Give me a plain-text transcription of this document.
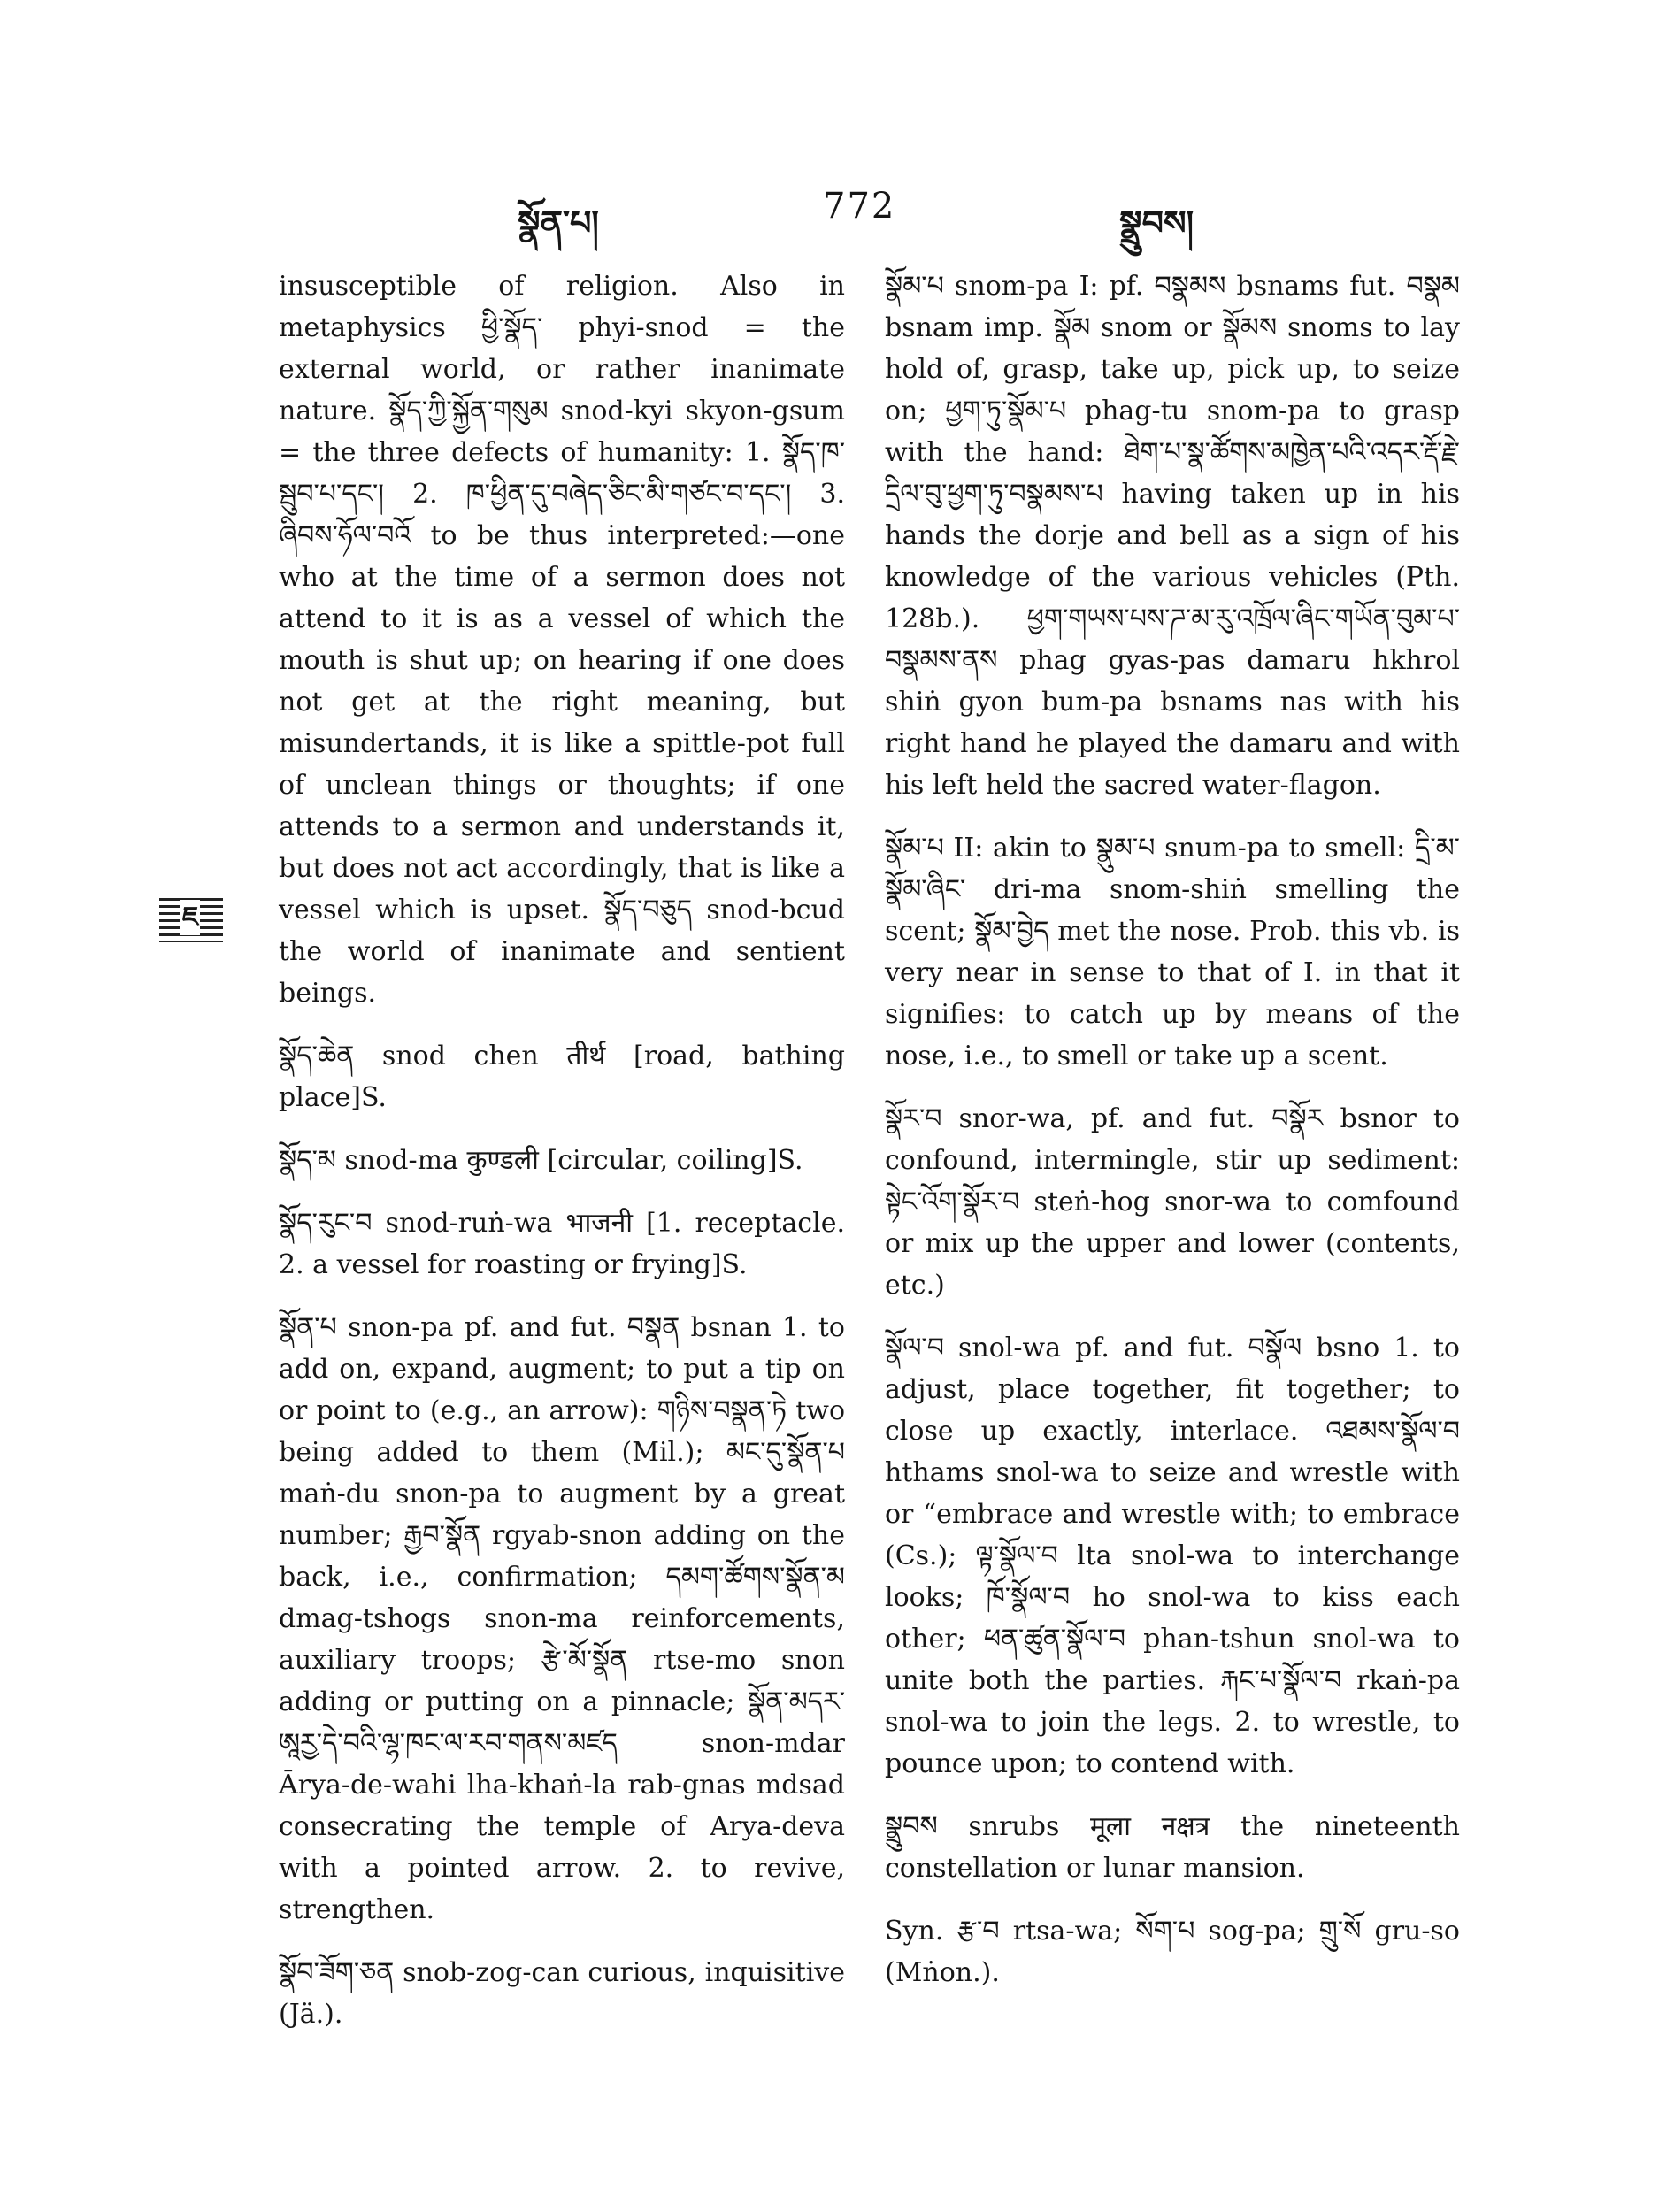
སྣོན་པ།	772	སྣྲུབས།
ཇ

insusceptible of religion. Also in metaphysics ཕྱི་སྣོད་ phyi-snod = the external world, or rather inanimate nature. སྣོད་ཀྱི་སྐྱོན་གསུམ snod-kyi skyon-gsum = the three defects of humanity: 1. སྣོད་ཁ་སྦུབ་པ་དང་། 2. ཁ་ཕྱིན་དུ་བཞེད་ཅིང་མི་གཙང་བ་དང་། 3. ཞིབས་ཧོལ་བའོ to be thus interpreted:—one who at the time of a sermon does not attend to it is as a vessel of which the mouth is shut up; on hearing if one does not get at the right meaning, but misundertands, it is like a spittle-pot full of unclean things or thoughts; if one attends to a sermon and understands it, but does not act accordingly, that is like a vessel which is upset. སྣོད་བཅུད snod-bcud the world of inanimate and sentient beings.

སྣོད་ཆེན snod chen तीर्थ [road, bathing place]S.

སྣོད་མ snod-ma कुण्डली [circular, coiling]S.

སྣོད་རུང་བ snod-ruṅ-wa भाजनी [1. receptacle. 2. a vessel for roasting or frying]S.

སྣོན་པ snon-pa pf. and fut. བསྣན bsnan 1. to add on, expand, augment; to put a tip on or point to (e.g., an arrow): གཉིས་བསྣན་ཏེ two being added to them (Mil.); མང་དུ་སྣོན་པ maṅ-du snon-pa to augment by a great number; རྒྱབ་སྣོན rgyab-snon adding on the back, i.e., confirmation; དམག་ཚོགས་སྣོན་མ dmag-tshogs snon-ma reinforcements, auxiliary troops; རྩེ་མོ་སྣོན rtse-mo snon adding or putting on a pinnacle; སྣོན་མདར་ཨཱརྱ་དེ་བའི་ལྷ་ཁང་ལ་རབ་གནས་མཛད snon-mdar Ārya-de-wahi lha-khaṅ-la rab-gnas mdsad consecrating the temple of Arya-deva with a pointed arrow. 2. to revive, strengthen.

སྣོབ་ཟོག་ཅན snob-zog-can curious, inquisitive (Jä.).

སྣོམ་པ snom-pa I: pf. བསྣམས bsnams fut. བསྣམ bsnam imp. སྣོམ snom or སྣོམས snoms to lay hold of, grasp, take up, pick up, to seize on; ཕྱག་ཏུ་སྣོམ་པ phag-tu snom-pa to grasp with the hand: ཐེག་པ་སྣ་ཚོགས་མཁྱེན་པའི་འདར་རྡོ་རྗེ་དྲིལ་བུ་ཕྱག་ཏུ་བསྣམས་པ having taken up in his hands the dorje and bell as a sign of his knowledge of the various vehicles (Pth. 128b.). ཕྱག་གཡས་པས་ཌ་མ་རུ་འཁྲོལ་ཞིང་གཡོན་བུམ་པ་བསྣམས་ནས phag gyas-pas damaru hkhrol shiṅ gyon bum-pa bsnams nas with his right hand he played the damaru and with his left held the sacred water-flagon.

སྣོམ་པ II: akin to སྣུམ་པ snum-pa to smell: དྲི་མ་སྣོམ་ཞིང་ dri-ma snom-shiṅ smelling the scent; སྣོམ་བྱེད met the nose. Prob. this vb. is very near in sense to that of I. in that it signifies: to catch up by means of the nose, i.e., to smell or take up a scent.

སྣོར་བ snor-wa, pf. and fut. བསྣོར bsnor to confound, intermingle, stir up sediment: སྟེང་འོག་སྣོར་བ steṅ-hog snor-wa to comfound or mix up the upper and lower (contents, etc.)

སྣོལ་བ snol-wa pf. and fut. བསྣོལ bsno 1. to adjust, place together, fit together; to close up exactly, interlace. འཐམས་སྣོལ་བ hthams snol-wa to seize and wrestle with or “embrace and wrestle with; to embrace (Cs.); ལྟ་སྣོལ་བ lta snol-wa to interchange looks; ཁོ་སྣོལ་བ ho snol-wa to kiss each other; ཕན་ཚུན་སྣོལ་བ phan-tshun snol-wa to unite both the parties. རྐང་པ་སྣོལ་བ rkaṅ-pa snol-wa to join the legs. 2. to wrestle, to pounce upon; to contend with.

སྣྲུབས snrubs मूला नक्षत्र the nineteenth constellation or lunar mansion.

Syn. རྩ་བ rtsa-wa; སོག་པ sog-pa; གྲུ་སོ gru-so (Mṅon.).
